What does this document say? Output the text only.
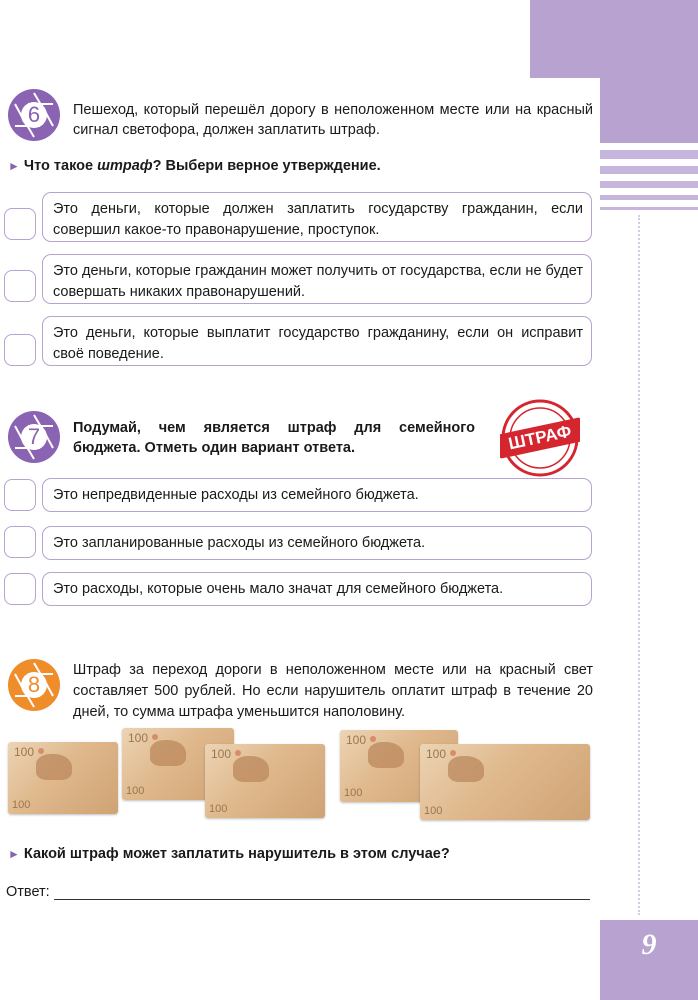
9
6	Пешеход, который перешёл дорогу в неположенном месте или на красный сигнал светофора, должен заплатить штраф.
► Что такое штраф? Выбери верное утверждение.
Это деньги, которые должен заплатить государству гражданин, если совершил какое-то правонарушение, проступок.
Это деньги, которые гражданин может получить от государства, если не будет совершать никаких правонарушений.
Это деньги, которые выплатит государство гражданину, если он исправит своё поведение.
7	Подумай, чем является штраф для семейного бюджета. Отметь один вариант ответа.	ШТРАФ
Это непредвиденные расходы из семейного бюджета.
Это запланированные расходы из семейного бюджета.
Это расходы, которые очень мало значат для семейного бюджета.
8
Штраф за переход дороги в неположенном месте или на красный свет составляет 500 рублей. Но если нарушитель оплатит штраф в течение 20 дней, то сумма штрафа уменьшится наполовину.
100
100
100
100
100
100
100
100
100
100
► Какой штраф может заплатить нарушитель в этом случае?
Ответ:
